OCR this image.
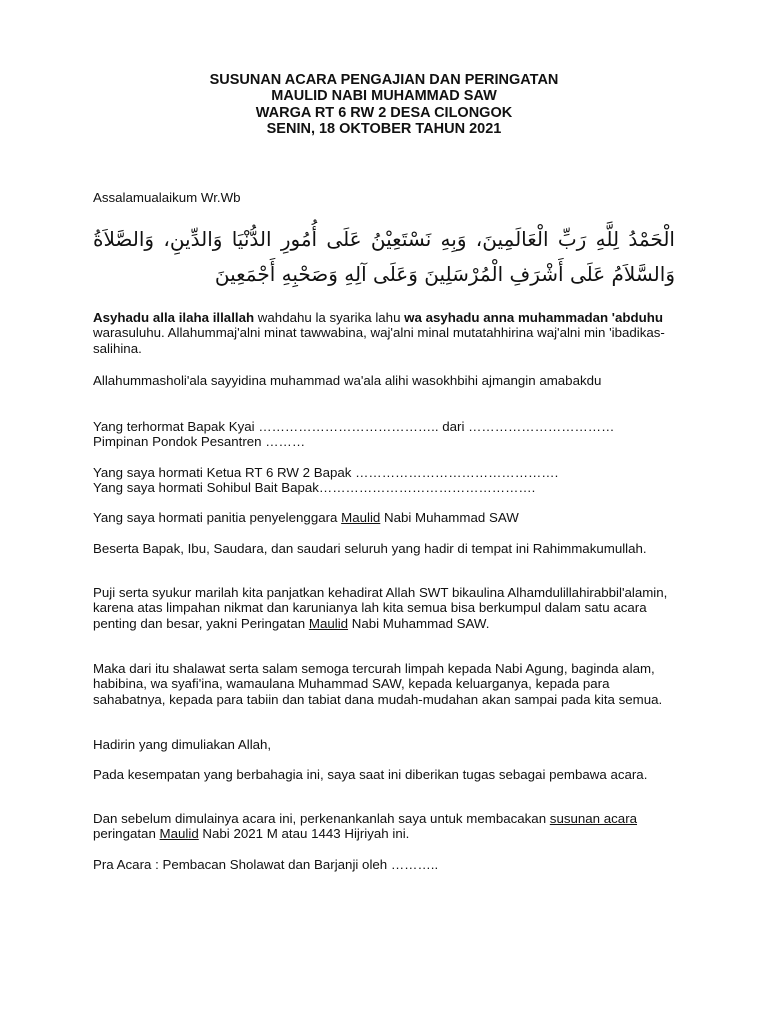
SUSUNAN ACARA PENGAJIAN DAN PERINGATAN
MAULID NABI MUHAMMAD SAW
WARGA RT 6 RW 2 DESA CILONGOK
SENIN, 18 OKTOBER TAHUN 2021

Assalamualaikum Wr.Wb

الْحَمْدُ لِلَّهِ رَبِّ الْعَالَمِينَ، وَبِهِ نَسْتَعِيْنُ عَلَى أُمُورِ الدُّنْيَا وَالدِّينِ، وَالصَّلاَةُ وَالسَّلاَمُ عَلَى أَشْرَفِ الْمُرْسَلِينَ وَعَلَى آلِهِ وَصَحْبِهِ أَجْمَعِينَ

Asyhadu alla ilaha illallah wahdahu la syarika lahu wa asyhadu anna muhammadan 'abduhu warasuluhu. Allahummaj'alni minat tawwabina, waj'alni minal mutatahhirina waj'alni min 'ibadikas-salihina.

Allahummasholi'ala sayyidina muhammad wa'ala alihi wasokhbihi ajmangin amabakdu

Yang terhormat Bapak Kyai ………………………………….. dari ……………………………
Pimpinan Pondok Pesantren ………
Yang saya hormati Ketua RT 6 RW 2 Bapak ……………………………………….
Yang saya hormati Sohibul Bait Bapak………………………………………….

Yang saya hormati panitia penyelenggara Maulid Nabi Muhammad SAW

Beserta Bapak, Ibu, Saudara, dan saudari seluruh yang hadir di tempat ini Rahimmakumullah.

Puji serta syukur marilah kita panjatkan kehadirat Allah SWT bikaulina Alhamdulillahirabbil'alamin, karena atas limpahan nikmat dan karunianya lah kita semua bisa berkumpul dalam satu acara penting dan besar, yakni Peringatan Maulid Nabi Muhammad SAW.

Maka dari itu shalawat serta salam semoga tercurah limpah kepada Nabi Agung, baginda alam, habibina, wa syafi'ina, wamaulana Muhammad SAW, kepada keluarganya, kepada para sahabatnya, kepada para tabiin dan tabiat dana mudah-mudahan akan sampai pada kita semua.

Hadirin yang dimuliakan Allah,

Pada kesempatan yang berbahagia ini, saya saat ini diberikan tugas sebagai pembawa acara.

Dan sebelum dimulainya acara ini, perkenankanlah saya untuk membacakan susunan acara peringatan Maulid Nabi 2021 M atau 1443 Hijriyah ini.

Pra Acara : Pembacan Sholawat dan Barjanji oleh ………..
